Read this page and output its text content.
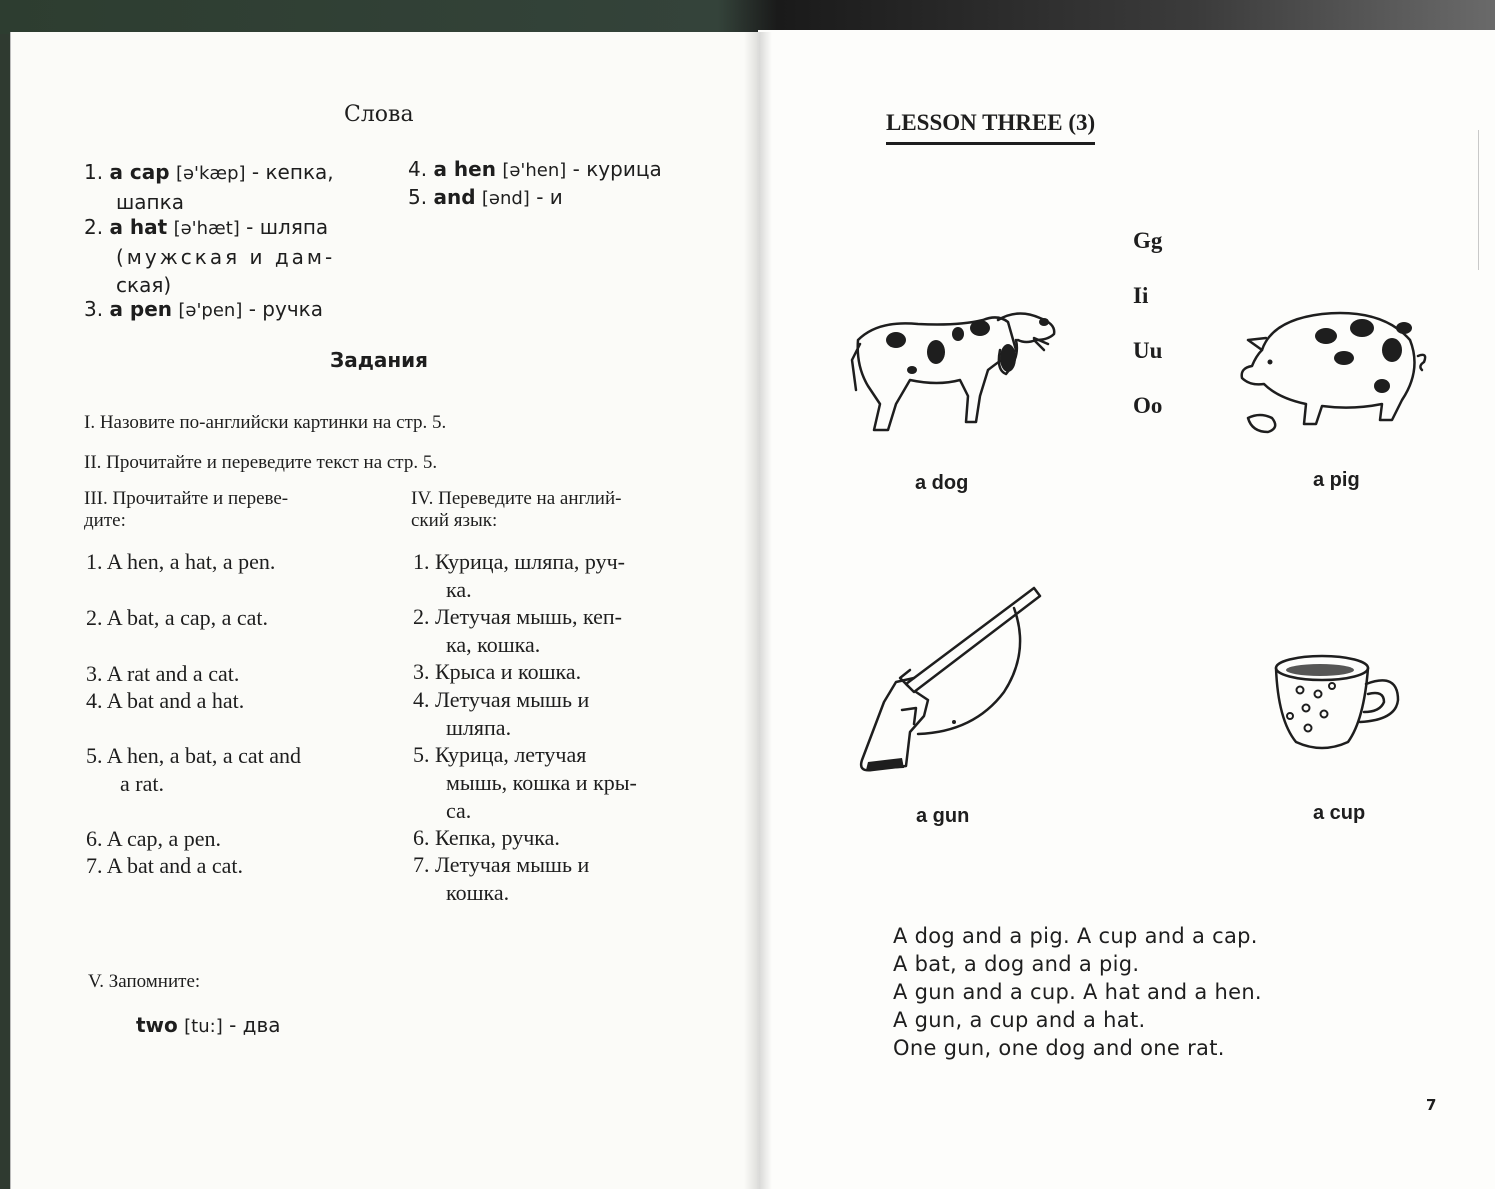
Слова
1. a cap [ə'kæp] - кепка,
шапка
2. a hat [ə'hæt] - шляпа
(мужская и дам-
ская)
3. a pen [ə'pen] - ручка
4. a hen [ə'hen] - курица
5. and [ənd] - и
Задания
I. Назовите по-английски картинки на стр. 5.
II. Прочитайте и переведите текст на стр. 5.
III. Прочитайте и переве-
дите:
IV. Переведите на англий-
ский язык:
1. A hen, a hat, a pen.
2. A bat, a cap, a cat.
3. A rat and a cat.
4. A bat and a hat.
5. A hen, a bat, a cat and
a rat.
6. A cap, a pen.
7. A bat and a cat.
1. Курица, шляпа, руч-
ка.
2. Летучая мышь, кеп-
ка, кошка.
3. Крыса и кошка.
4. Летучая мышь и
шляпа.
5. Курица, летучая
мышь, кошка и кры-
са.
6. Кепка, ручка.
7. Летучая мышь и
кошка.
V. Запомните:
two [tu:] - два
LESSON THREE (3)
Gg
Ii
Uu
Oo
a dog	a pig
a gun	a cup
A dog and a pig. A cup and a cap.
A bat, a dog and a pig.
A gun and a cup. A hat and a hen.
A gun, a cup and a hat.
One gun, one dog and one rat.
7
